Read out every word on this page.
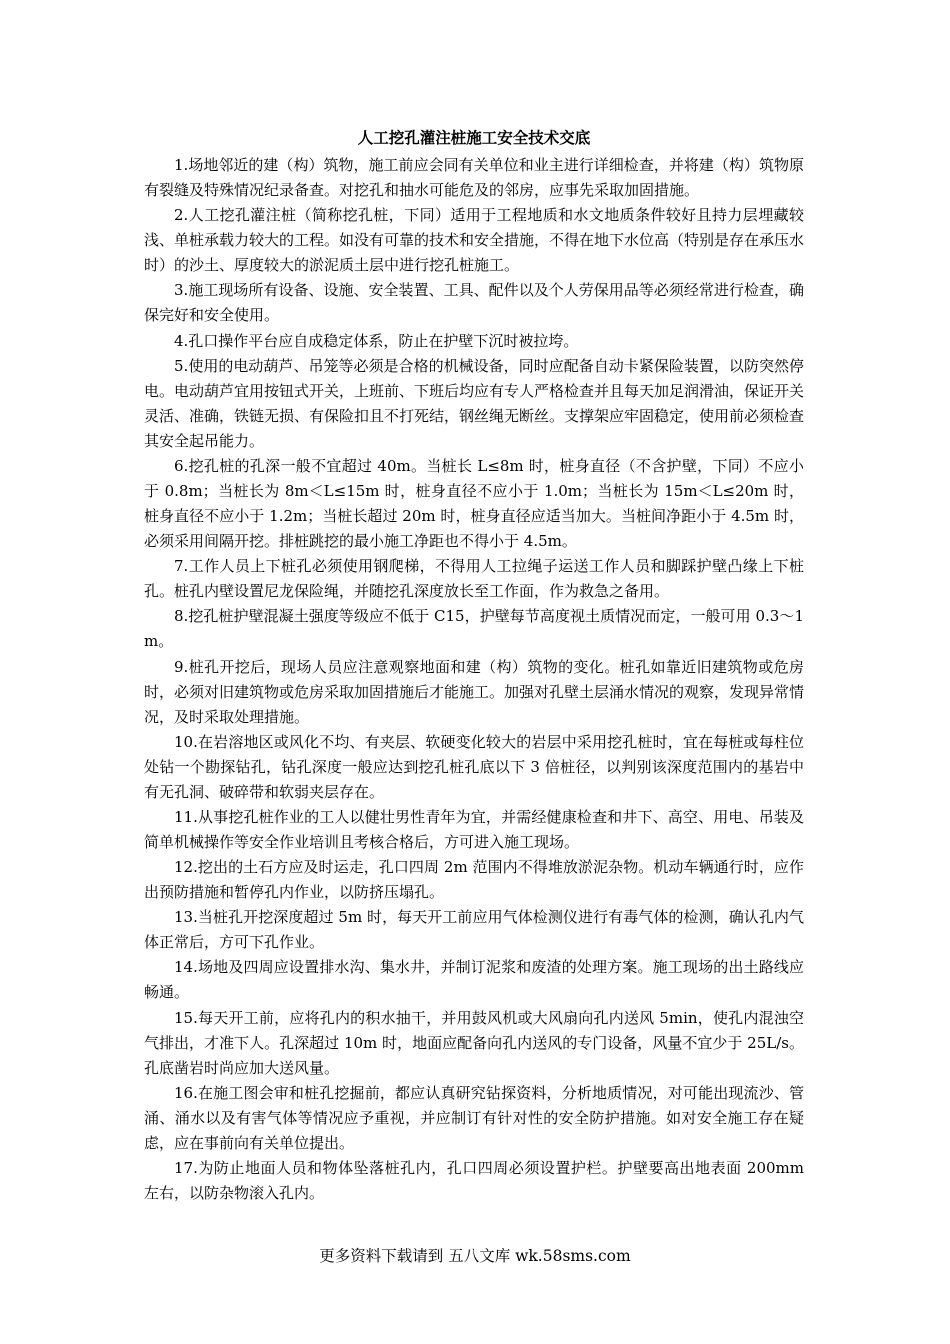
人工挖孔灌注桩施工安全技术交底
1.场地邻近的建（构）筑物，施工前应会同有关单位和业主进行详细检查，并将建（构）筑物原有裂缝及特殊情况纪录备查。对挖孔和抽水可能危及的邻房，应事先采取加固措施。
2.人工挖孔灌注桩（简称挖孔桩，下同）适用于工程地质和水文地质条件较好且持力层埋藏较浅、单桩承载力较大的工程。如没有可靠的技术和安全措施，不得在地下水位高（特别是存在承压水时）的沙土、厚度较大的淤泥质土层中进行挖孔桩施工。
3.施工现场所有设备、设施、安全装置、工具、配件以及个人劳保用品等必须经常进行检查，确保完好和安全使用。
4.孔口操作平台应自成稳定体系，防止在护壁下沉时被拉垮。
5.使用的电动葫芦、吊笼等必须是合格的机械设备，同时应配备自动卡紧保险装置，以防突然停电。电动葫芦宜用按钮式开关，上班前、下班后均应有专人严格检查并且每天加足润滑油，保证开关灵活、准确，铁链无损、有保险扣且不打死结，钢丝绳无断丝。支撑架应牢固稳定，使用前必须检查其安全起吊能力。
6.挖孔桩的孔深一般不宜超过 40m。当桩长 L≤8m 时，桩身直径（不含护壁，下同）不应小于 0.8m；当桩长为 8m＜L≤15m 时，桩身直径不应小于 1.0m；当桩长为 15m＜L≤20m 时，桩身直径不应小于 1.2m；当桩长超过 20m 时，桩身直径应适当加大。当桩间净距小于 4.5m 时，必须采用间隔开挖。排桩跳挖的最小施工净距也不得小于 4.5m。
7.工作人员上下桩孔必须使用钢爬梯，不得用人工拉绳子运送工作人员和脚踩护壁凸缘上下桩孔。桩孔内壁设置尼龙保险绳，并随挖孔深度放长至工作面，作为救急之备用。
8.挖孔桩护壁混凝土强度等级应不低于 C15，护壁每节高度视土质情况而定，一般可用 0.3～1m。
9.桩孔开挖后，现场人员应注意观察地面和建（构）筑物的变化。桩孔如靠近旧建筑物或危房时，必须对旧建筑物或危房采取加固措施后才能施工。加强对孔壁土层涌水情况的观察，发现异常情况，及时采取处理措施。
10.在岩溶地区或风化不均、有夹层、软硬变化较大的岩层中采用挖孔桩时，宜在每桩或每柱位处钻一个勘探钻孔，钻孔深度一般应达到挖孔桩孔底以下 3 倍桩径，以判别该深度范围内的基岩中有无孔洞、破碎带和软弱夹层存在。
11.从事挖孔桩作业的工人以健壮男性青年为宜，并需经健康检查和井下、高空、用电、吊装及简单机械操作等安全作业培训且考核合格后，方可进入施工现场。
12.挖出的土石方应及时运走，孔口四周 2m 范围内不得堆放淤泥杂物。机动车辆通行时，应作出预防措施和暂停孔内作业，以防挤压塌孔。
13.当桩孔开挖深度超过 5m 时，每天开工前应用气体检测仪进行有毒气体的检测，确认孔内气体正常后，方可下孔作业。
14.场地及四周应设置排水沟、集水井，并制订泥浆和废渣的处理方案。施工现场的出土路线应畅通。
15.每天开工前，应将孔内的积水抽干，并用鼓风机或大风扇向孔内送风 5min，使孔内混浊空气排出，才准下人。孔深超过 10m 时，地面应配备向孔内送风的专门设备，风量不宜少于 25L/s。孔底凿岩时尚应加大送风量。
16.在施工图会审和桩孔挖掘前，都应认真研究钻探资料，分析地质情况，对可能出现流沙、管涌、涌水以及有害气体等情况应予重视，并应制订有针对性的安全防护措施。如对安全施工存在疑虑，应在事前向有关单位提出。
17.为防止地面人员和物体坠落桩孔内，孔口四周必须设置护栏。护壁要高出地表面 200mm 左右，以防杂物滚入孔内。
更多资料下载请到 五八文库 wk.58sms.com
